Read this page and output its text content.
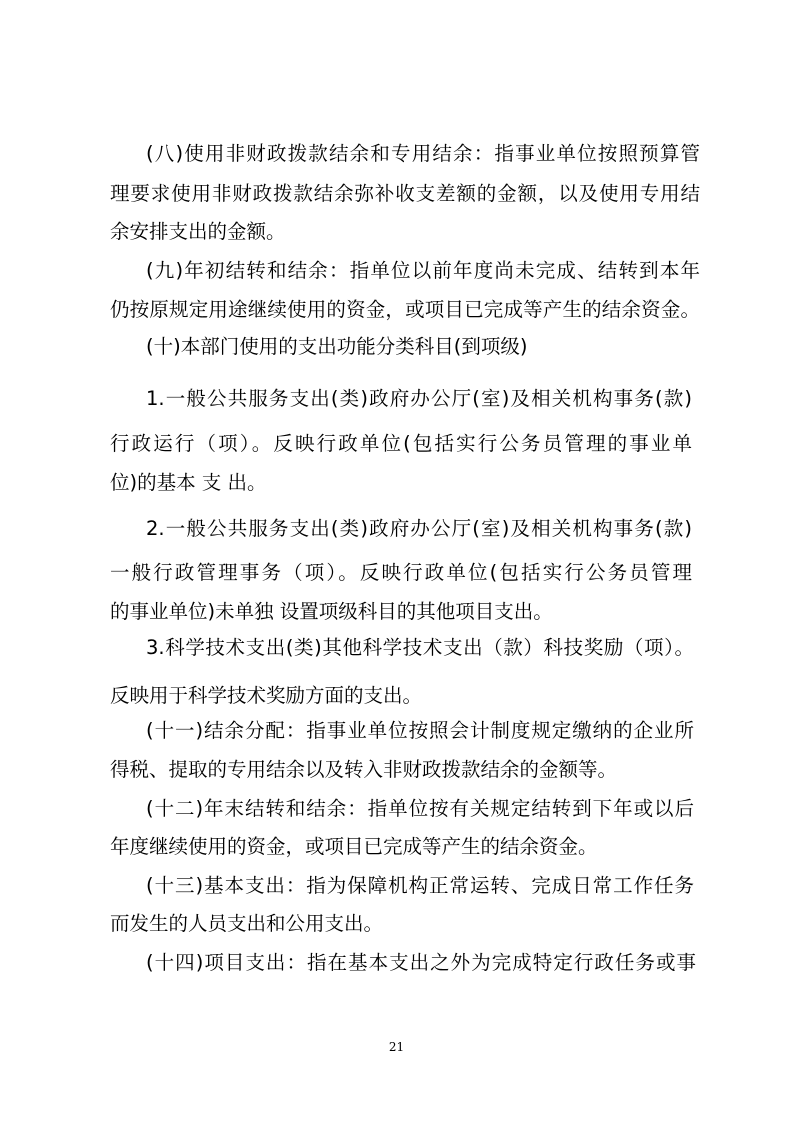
(八)使用非财政拨款结余和专用结余：指事业单位按照预算管
理要求使用非财政拨款结余弥补收支差额的金额，以及使用专用结
余安排支出的金额。
(九)年初结转和结余：指单位以前年度尚未完成、结转到本年
仍按原规定用途继续使用的资金，或项目已完成等产生的结余资金。
(十)本部门使用的支出功能分类科目(到项级)
1.一般公共服务支出(类)政府办公厅(室)及相关机构事务(款)
行政运行（项）。反映行政单位(包括实行公务员管理的事业单
位)的基本 支 出。
2.一般公共服务支出(类)政府办公厅(室)及相关机构事务(款)
一般行政管理事务（项）。反映行政单位(包括实行公务员管理
的事业单位)未单独 设置项级科目的其他项目支出。
3.科学技术支出(类)其他科学技术支出（款）科技奖励（项）。
反映用于科学技术奖励方面的支出。
(十一)结余分配：指事业单位按照会计制度规定缴纳的企业所
得税、提取的专用结余以及转入非财政拨款结余的金额等。
(十二)年末结转和结余：指单位按有关规定结转到下年或以后
年度继续使用的资金，或项目已完成等产生的结余资金。
(十三)基本支出：指为保障机构正常运转、完成日常工作任务
而发生的人员支出和公用支出。
(十四)项目支出：指在基本支出之外为完成特定行政任务或事
21
